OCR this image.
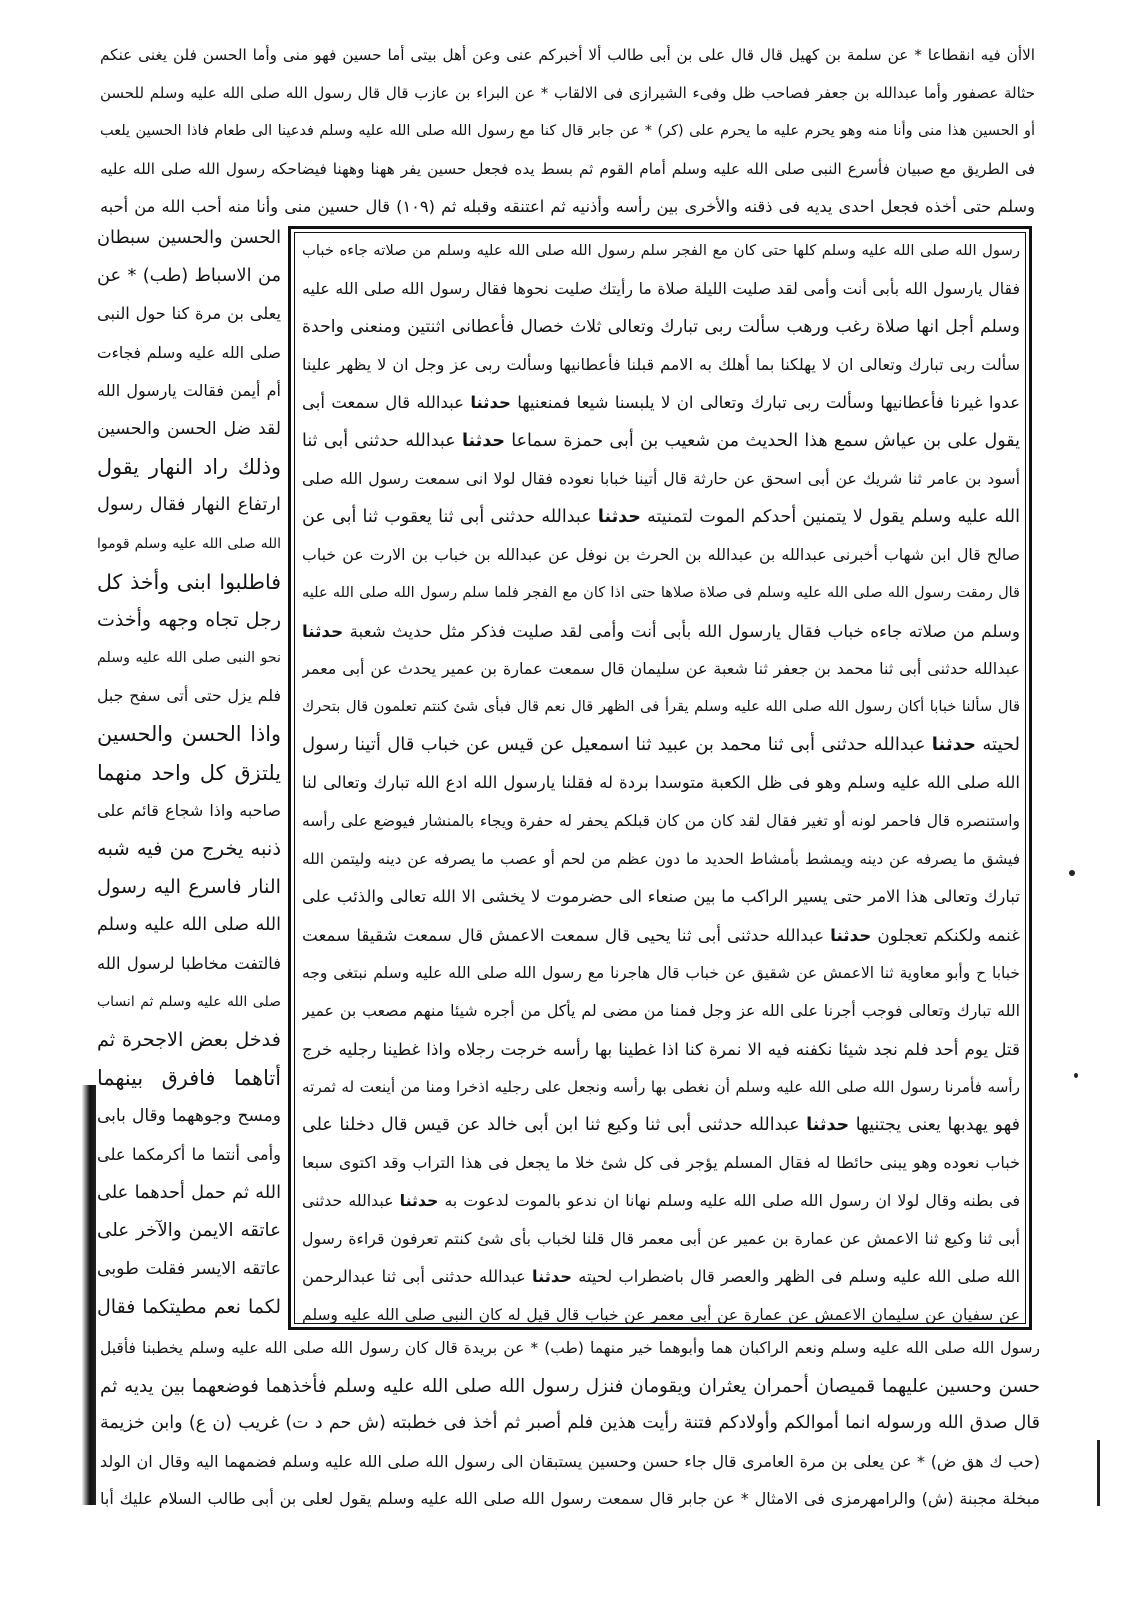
الاأن فيه انقطاعا * عن سلمة بن كهيل قال قال على بن أبى طالب ألا أخبركم عنى وعن أهل بيتى أما حسين فهو منى وأما الحسن فلن يغنى عنكم
حثالة عصفور وأما عبدالله بن جعفر فصاحب ظل وفىء الشيرازى فى الالقاب * عن البراء بن عازب قال قال رسول الله صلى الله عليه وسلم للحسن
أو الحسين هذا منى وأنا منه وهو يحرم عليه ما يحرم على (كر) * عن جابر قال كنا مع رسول الله صلى الله عليه وسلم فدعينا الى طعام فاذا الحسين يلعب
فى الطريق مع صبيان فأسرع النبى صلى الله عليه وسلم أمام القوم ثم بسط يده فجعل حسين يفر ههنا وههنا فيضاحكه رسول الله صلى الله عليه
وسلم حتى أخذه فجعل احدى يديه فى ذقنه والأخرى بين رأسه وأذنيه ثم اعتنقه وقبله ثم (١٠٩) قال حسين منى وأنا منه أحب الله من أحبه
رسول الله صلى الله عليه وسلم كلها حتى كان مع الفجر سلم رسول الله صلى الله عليه وسلم من صلاته جاءه خباب
فقال يارسول الله بأبى أنت وأمى لقد صليت الليلة صلاة ما رأيتك صليت نحوها فقال رسول الله صلى الله عليه
وسلم أجل انها صلاة رغب ورهب سألت ربى تبارك وتعالى ثلاث خصال فأعطانى اثنتين ومنعنى واحدة
سألت ربى تبارك وتعالى ان لا يهلكنا بما أهلك به الامم قبلنا فأعطانيها وسألت ربى عز وجل ان لا يظهر علينا
عدوا غيرنا فأعطانيها وسألت ربى تبارك وتعالى ان لا يلبسنا شيعا فمنعنيها حدثنا عبدالله قال سمعت أبى
يقول على بن عياش سمع هذا الحديث من شعيب بن أبى حمزة سماعا حدثنا عبدالله حدثنى أبى ثنا
أسود بن عامر ثنا شريك عن أبى اسحق عن حارثة قال أتينا خبابا نعوده فقال لولا انى سمعت رسول الله صلى
الله عليه وسلم يقول لا يتمنين أحدكم الموت لتمنيته حدثنا عبدالله حدثنى أبى ثنا يعقوب ثنا أبى عن
صالح قال ابن شهاب أخبرنى عبدالله بن عبدالله بن الحرث بن نوفل عن عبدالله بن خباب بن الارت عن خباب
قال رمقت رسول الله صلى الله عليه وسلم فى صلاة صلاها حتى اذا كان مع الفجر فلما سلم رسول الله صلى الله عليه
وسلم من صلاته جاءه خباب فقال يارسول الله بأبى أنت وأمى لقد صليت فذكر مثل حديث شعبة حدثنا
عبدالله حدثنى أبى ثنا محمد بن جعفر ثنا شعبة عن سليمان قال سمعت عمارة بن عمير يحدث عن أبى معمر
قال سألنا خبابا أكان رسول الله صلى الله عليه وسلم يقرأ فى الظهر قال نعم قال فبأى شئ كنتم تعلمون قال بتحرك
لحيته حدثنا عبدالله حدثنى أبى ثنا محمد بن عبيد ثنا اسمعيل عن قيس عن خباب قال أتينا رسول
الله صلى الله عليه وسلم وهو فى ظل الكعبة متوسدا بردة له فقلنا يارسول الله ادع الله تبارك وتعالى لنا
واستنصره قال فاحمر لونه أو تغير فقال لقد كان من كان قبلكم يحفر له حفرة ويجاء بالمنشار فيوضع على رأسه
فيشق ما يصرفه عن دينه ويمشط بأمشاط الحديد ما دون عظم من لحم أو عصب ما يصرفه عن دينه وليتمن الله
تبارك وتعالى هذا الامر حتى يسير الراكب ما بين صنعاء الى حضرموت لا يخشى الا الله تعالى والذئب على
غنمه ولكنكم تعجلون حدثنا عبدالله حدثنى أبى ثنا يحيى قال سمعت الاعمش قال سمعت شقيقا سمعت
خبابا ح وأبو معاوية ثنا الاعمش عن شقيق عن خباب قال هاجرنا مع رسول الله صلى الله عليه وسلم نبتغى وجه
الله تبارك وتعالى فوجب أجرنا على الله عز وجل فمنا من مضى لم يأكل من أجره شيئا منهم مصعب بن عمير
قتل يوم أحد فلم نجد شيئا نكفنه فيه الا نمرة كنا اذا غطينا بها رأسه خرجت رجلاه واذا غطينا رجليه خرج
رأسه فأمرنا رسول الله صلى الله عليه وسلم أن نغطى بها رأسه ونجعل على رجليه اذخرا ومنا من أينعت له ثمرته
فهو يهدبها يعنى يجتنيها حدثنا عبدالله حدثنى أبى ثنا وكيع ثنا ابن أبى خالد عن قيس قال دخلنا على
خباب نعوده وهو يبنى حائطا له فقال المسلم يؤجر فى كل شئ خلا ما يجعل فى هذا التراب وقد اكتوى سبعا
فى بطنه وقال لولا ان رسول الله صلى الله عليه وسلم نهانا ان ندعو بالموت لدعوت به حدثنا عبدالله حدثنى
أبى ثنا وكيع ثنا الاعمش عن عمارة بن عمير عن أبى معمر قال قلنا لخباب بأى شئ كنتم تعرفون قراءة رسول
الله صلى الله عليه وسلم فى الظهر والعصر قال باضطراب لحيته حدثنا عبدالله حدثنى أبى ثنا عبدالرحمن
عن سفيان عن سليمان الاعمش عن عمارة عن أبى معمر عن خباب قال قيل له كان النبى صلى الله عليه وسلم
الحسن والحسين سبطان
من الاسباط (طب) * عن
يعلى بن مرة كنا حول النبى
صلى الله عليه وسلم فجاءت
أم أيمن فقالت يارسول الله
لقد ضل الحسن والحسين
وذلك راد النهار يقول
ارتفاع النهار فقال رسول
الله صلى الله عليه وسلم قوموا
فاطلبوا ابنى وأخذ كل
رجل تجاه وجهه وأخذت
نحو النبى صلى الله عليه وسلم
فلم يزل حتى أتى سفح جبل
واذا الحسن والحسين
يلتزق كل واحد منهما
صاحبه واذا شجاع قائم على
ذنبه يخرج من فيه شبه
النار فاسرع اليه رسول
الله صلى الله عليه وسلم
فالتفت مخاطبا لرسول الله
صلى الله عليه وسلم ثم انساب
فدخل بعض الاجحرة ثم
أتاهما فافرق بينهما
ومسح وجوههما وقال بابى
وأمى أنتما ما أكرمكما على
الله ثم حمل أحدهما على
عاتقه الايمن والآخر على
عاتقه الايسر فقلت طوبى
لكما نعم مطيتكما فقال
رسول الله صلى الله عليه وسلم ونعم الراكبان هما وأبوهما خير منهما (طب) * عن بريدة قال كان رسول الله صلى الله عليه وسلم يخطبنا فأقبل
حسن وحسين عليهما قميصان أحمران يعثران ويقومان فنزل رسول الله صلى الله عليه وسلم فأخذهما فوضعهما بين يديه ثم
قال صدق الله ورسوله انما أموالكم وأولادكم فتنة رأيت هذين فلم أصبر ثم أخذ فى خطبته (ش حم د ت) غريب (ن ع) وابن خزيمة
(حب ك هق ض) * عن يعلى بن مرة العامرى قال جاء حسن وحسين يستبقان الى رسول الله صلى الله عليه وسلم فضمهما اليه وقال ان الولد
مبخلة مجبنة (ش) والرامهرمزى فى الامثال * عن جابر قال سمعت رسول الله صلى الله عليه وسلم يقول لعلى بن أبى طالب السلام عليك أبا
